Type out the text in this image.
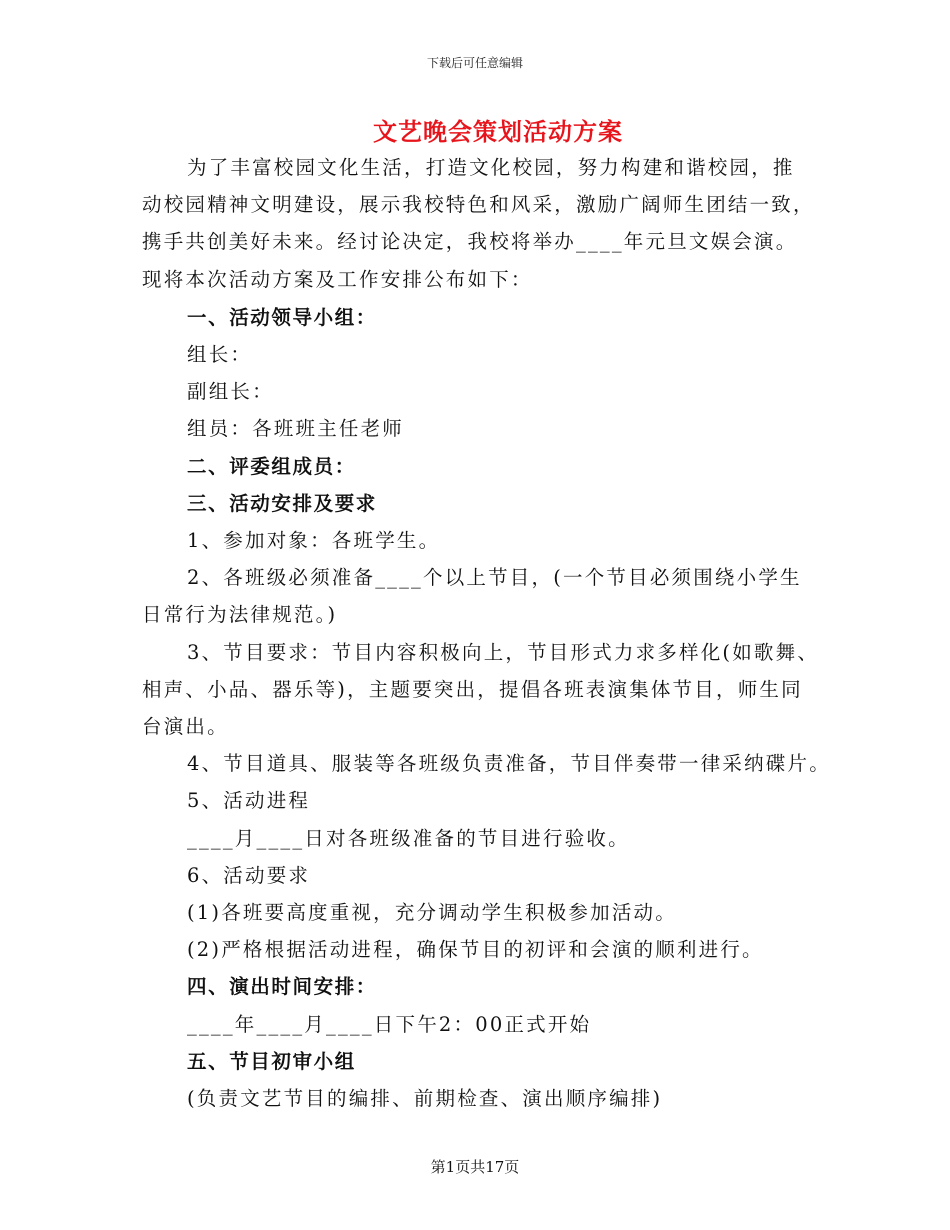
下载后可任意编辑
文艺晚会策划活动方案
为了丰富校园文化生活，打造文化校园，努力构建和谐校园，推
动校园精神文明建设，展示我校特色和风采，激励广阔师生团结一致，
携手共创美好未来。经讨论决定，我校将举办____年元旦文娱会演。
现将本次活动方案及工作安排公布如下：
一、活动领导小组：
组长：
副组长：
组员：各班班主任老师
二、评委组成员：
三、活动安排及要求
1、参加对象：各班学生。
2、各班级必须准备____个以上节目，(一个节目必须围绕小学生
日常行为法律规范。)
3、节目要求：节目内容积极向上，节目形式力求多样化(如歌舞、
相声、小品、器乐等)，主题要突出，提倡各班表演集体节目，师生同
台演出。
4、节目道具、服装等各班级负责准备，节目伴奏带一律采纳碟片。
5、活动进程
____月____日对各班级准备的节目进行验收。
6、活动要求
(1)各班要高度重视，充分调动学生积极参加活动。
(2)严格根据活动进程，确保节目的初评和会演的顺利进行。
四、演出时间安排：
____年____月____日下午2：00正式开始
五、节目初审小组
(负责文艺节目的编排、前期检查、演出顺序编排)
第1页共17页
